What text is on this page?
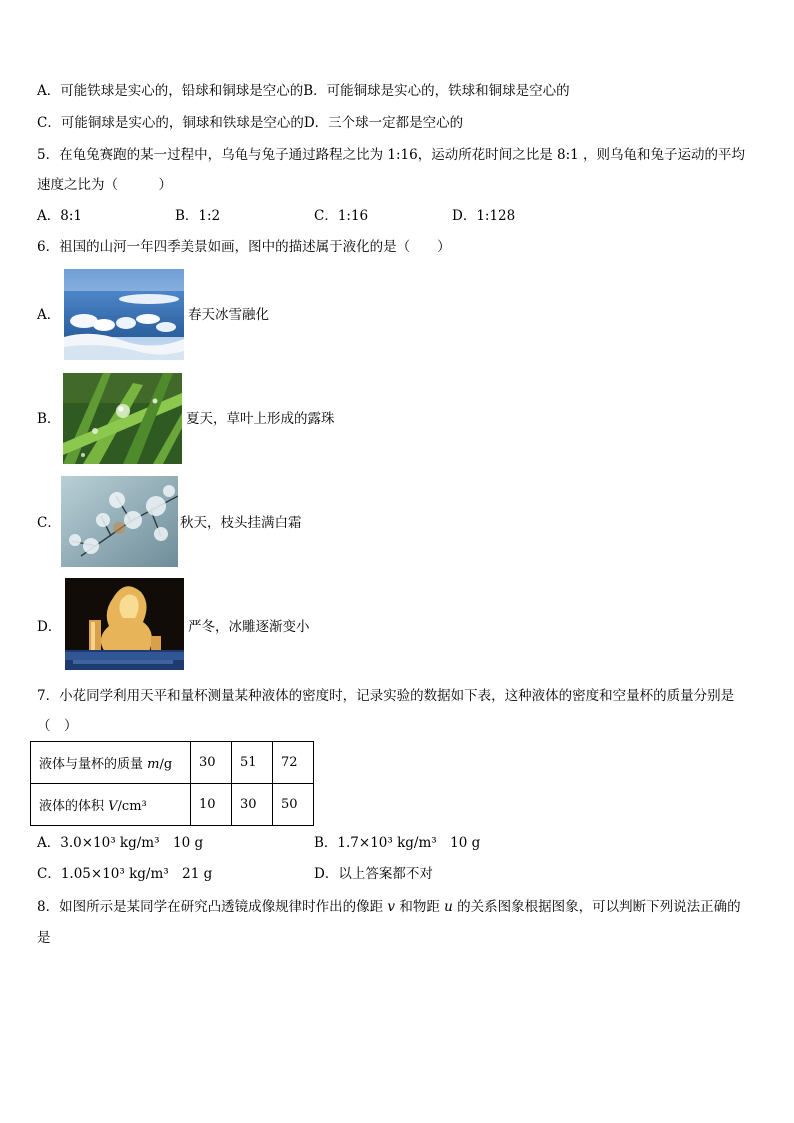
A．可能铁球是实心的，铅球和铜球是空心的B．可能铜球是实心的，铁球和铜球是空心的
C．可能铜球是实心的，铜球和铁球是空心的D．三个球一定都是空心的
5．在龟兔赛跑的某一过程中，乌龟与兔子通过路程之比为 1:16，运动所花时间之比是 8:1 ，则乌龟和兔子运动的平均
速度之比为（　　　）
A．8:1	B．1:2	C．1:16	D．1:128
6．祖国的山河一年四季美景如画，图中的描述属于液化的是（　　）
A．	春天冰雪融化
B．	夏天，草叶上形成的露珠
C．	秋天，枝头挂满白霜
D．	严冬，冰雕逐渐变小
7．小花同学利用天平和量杯测量某种液体的密度时，记录实验的数据如下表，这种液体的密度和空量杯的质量分别是
（　）
液体与量杯的质量 m/g	30	51	72
液体的体积 V/cm³	10	30	50
A．3.0×10³ kg/m³　10 g	B．1.7×10³ kg/m³　10 g
C．1.05×10³ kg/m³　21 g	D．以上答案都不对
8．如图所示是某同学在研究凸透镜成像规律时作出的像距 v 和物距 u 的关系图象根据图象，可以判断下列说法正确的
是
